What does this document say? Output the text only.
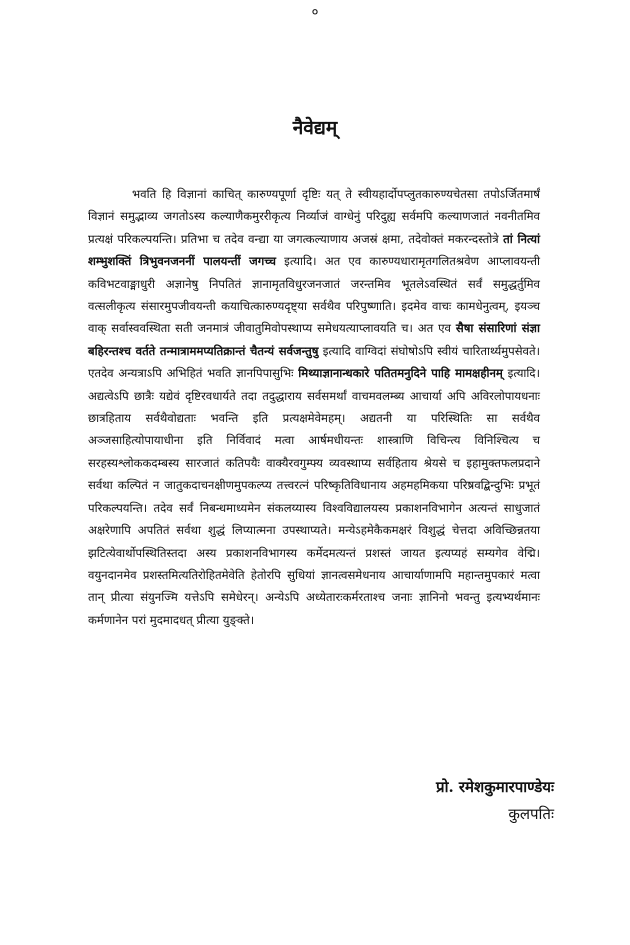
०
नैवेद्यम्

भवति हि विज्ञानां काचित् कारुण्यपूर्णा दृष्टिः यत् ते स्वीयहार्दोपप्लुतकारुण्यचेतसा तपोऽर्जितमार्षं विज्ञानं समुद्भाव्य जगतोऽस्य कल्याणैकमुररीकृत्य निर्व्याजं वाग्धेनुं परिदुह्य सर्वमपि कल्याणजातं नवनीतमिव प्रत्यक्षं परिकल्पयन्ति। प्रतिभा च तदेव वन्द्या या जगत्कल्याणाय अजस्रं क्षमा, तदेवोक्तं मकरन्दस्तोत्रे तां नित्यां शम्भुशक्तिं त्रिभुवनजननीं पालयन्तीं जगच्च इत्यादि। अत एव कारुण्यधारामृतगलितश्रवेण आप्लावयन्ती कविभटवाङ्माधुरी अज्ञानेषु निपतितं ज्ञानामृतविधुरजनजातं जरन्तमिव भूतलेऽवस्थितं सर्वं समुद्धर्तुमिव वत्सलीकृत्य संसारमुपजीवयन्ती कयाचित्कारुण्यदृष्ट्या सर्वथैव परिपुष्णाति। इदमेव वाचः कामधेनुत्वम्, इयञ्च वाक् सर्वास्ववस्थिता सती जनमात्रं जीवातुमिवोपस्थाप्य समेधयत्याप्लावयति च। अत एव सैषा संसारिणां संज्ञा बहिरन्तश्च वर्तते तन्मात्राममप्यतिक्रान्तं चैतन्यं सर्वजन्तुषु इत्यादि वाग्विदां संघोषोऽपि स्वीयं चारितार्थ्यमुपसेवते। एतदेव अन्यत्राऽपि अभिहितं भवति ज्ञानपिपासुभिः मिथ्याज्ञानान्धकारे पतितमनुदिने पाहि मामक्षहीनम् इत्यादि। अद्यत्वेऽपि छात्रैः यद्येवं दृष्टिरवधार्यते तदा तदुद्धाराय सर्वसमर्थां वाचमवलम्ब्य आचार्या अपि अविरलोपायधनाः छात्रहिताय सर्वथैवोद्यताः भवन्ति इति प्रत्यक्षमेवेमहम्। अद्यतनी या परिस्थितिः सा सर्वथैव अञ्जसाहित्योपायाधीना इति निर्विवादं मत्वा आर्षमधीयन्तः शास्त्राणि विचिन्त्य विनिश्चित्य च सरहस्यश्लोककदम्बस्य सारजातं कतिपयैः वाक्यैरवगुम्फ्य व्यवस्थाप्य सर्वहिताय श्रेयसे च इहामुक्तफलप्रदाने सर्वथा कल्पितं न जातुकदाचनक्षीणमुपकल्प्य तत्त्वरत्नं परिष्कृतिविधानाय अहमहमिकया परिष्रवद्बिन्दुभिः प्रभूतं परिकल्पयन्ति। तदेव सर्वं निबन्धमाध्यमेन संकलय्यास्य विश्वविद्यालयस्य प्रकाशनविभागेन अत्यन्तं साधुजातं अक्षरेणापि अपतितं सर्वथा शुद्धं लिप्यात्मना उपस्थाप्यते। मन्येऽहमेकैकमक्षरं विशुद्धं चेत्तदा अविच्छिन्नतया झटित्येवार्थोपस्थितिस्तदा अस्य प्रकाशनविभागस्य कर्मेदमत्यन्तं प्रशस्तं जायत इत्यप्यहं सम्यगेव वेद्मि। वयुनदानमेव प्रशस्तमित्यतिरोहितमेवेति हेतोरपि सुधियां ज्ञानत्वसमेधनाय आचार्याणामपि महान्तमुपकारं मत्वा तान् प्रीत्या संयुनज्मि यत्तेऽपि समेधेरन्। अन्येऽपि अध्येतारःकर्मरताश्च जनाः ज्ञानिनो भवन्तु इत्यभ्यर्थमानः कर्मणानेन परां मुदमादधत् प्रीत्या युङ्क्ते।

प्रो. रमेशकुमारपाण्डेयः
कुलपतिः
